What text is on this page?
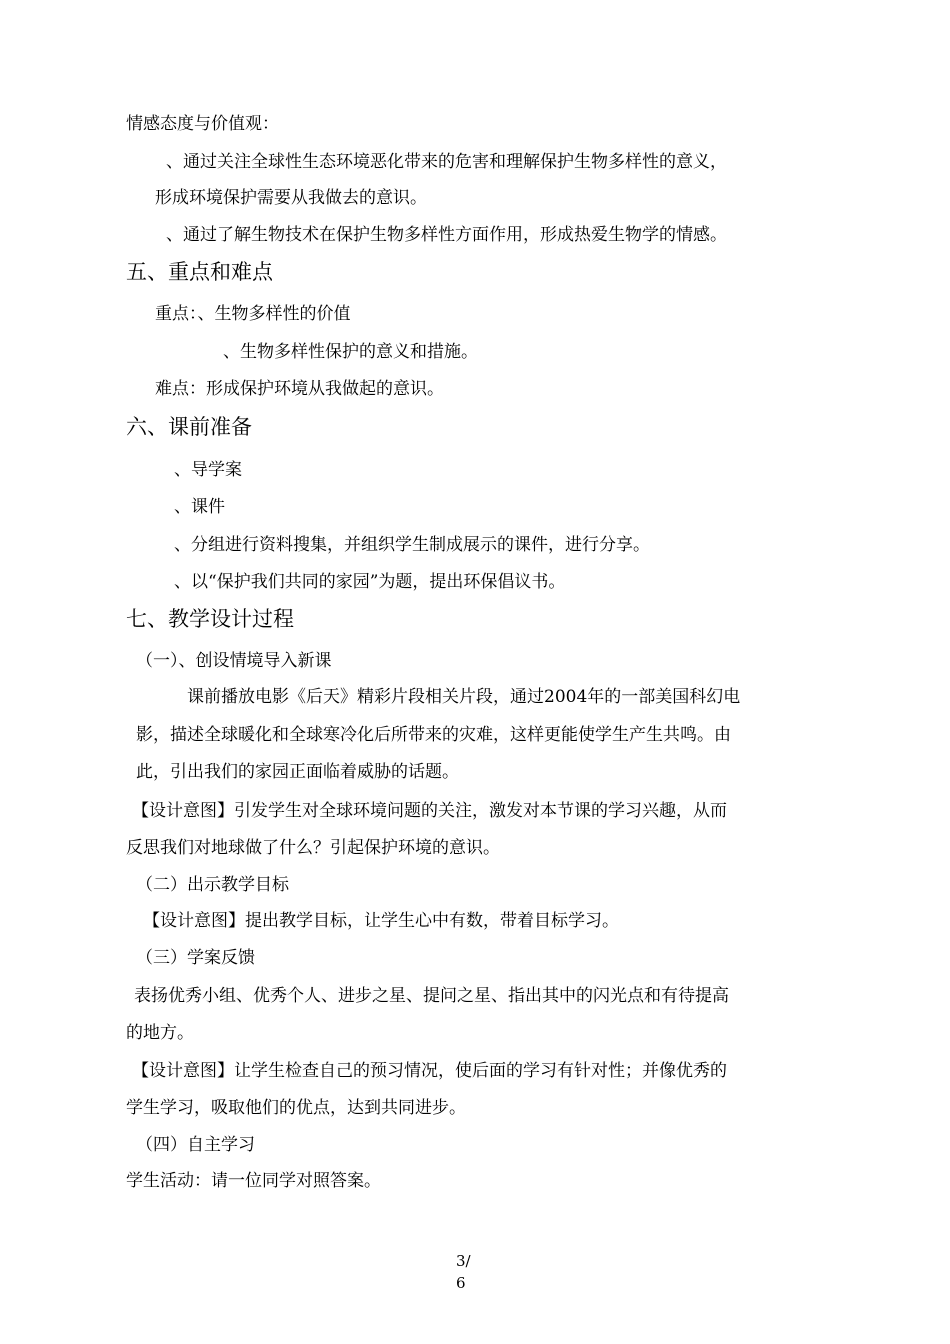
情感态度与价值观：
、通过关注全球性生态环境恶化带来的危害和理解保护生物多样性的意义，
形成环境保护需要从我做去的意识。
、通过了解生物技术在保护生物多样性方面作用，形成热爱生物学的情感。
五、重点和难点
重点：、生物多样性的价值
、生物多样性保护的意义和措施。
难点：形成保护环境从我做起的意识。
六、课前准备
、导学案
、课件
、分组进行资料搜集，并组织学生制成展示的课件，进行分享。
、以“保护我们共同的家园”为题，提出环保倡议书。
七、教学设计过程
（一）、创设情境导入新课
课前播放电影《后天》精彩片段相关片段，通过2004年的一部美国科幻电
影，描述全球暖化和全球寒冷化后所带来的灾难，这样更能使学生产生共鸣。由
此，引出我们的家园正面临着威胁的话题。
【设计意图】引发学生对全球环境问题的关注，激发对本节课的学习兴趣，从而
反思我们对地球做了什么？引起保护环境的意识。
（二）出示教学目标
【设计意图】提出教学目标，让学生心中有数，带着目标学习。
（三）学案反馈
表扬优秀小组、优秀个人、进步之星、提问之星、指出其中的闪光点和有待提高
的地方。
【设计意图】让学生检查自己的预习情况，使后面的学习有针对性；并像优秀的
学生学习，吸取他们的优点，达到共同进步。
（四）自主学习
学生活动：请一位同学对照答案。
3/
6
